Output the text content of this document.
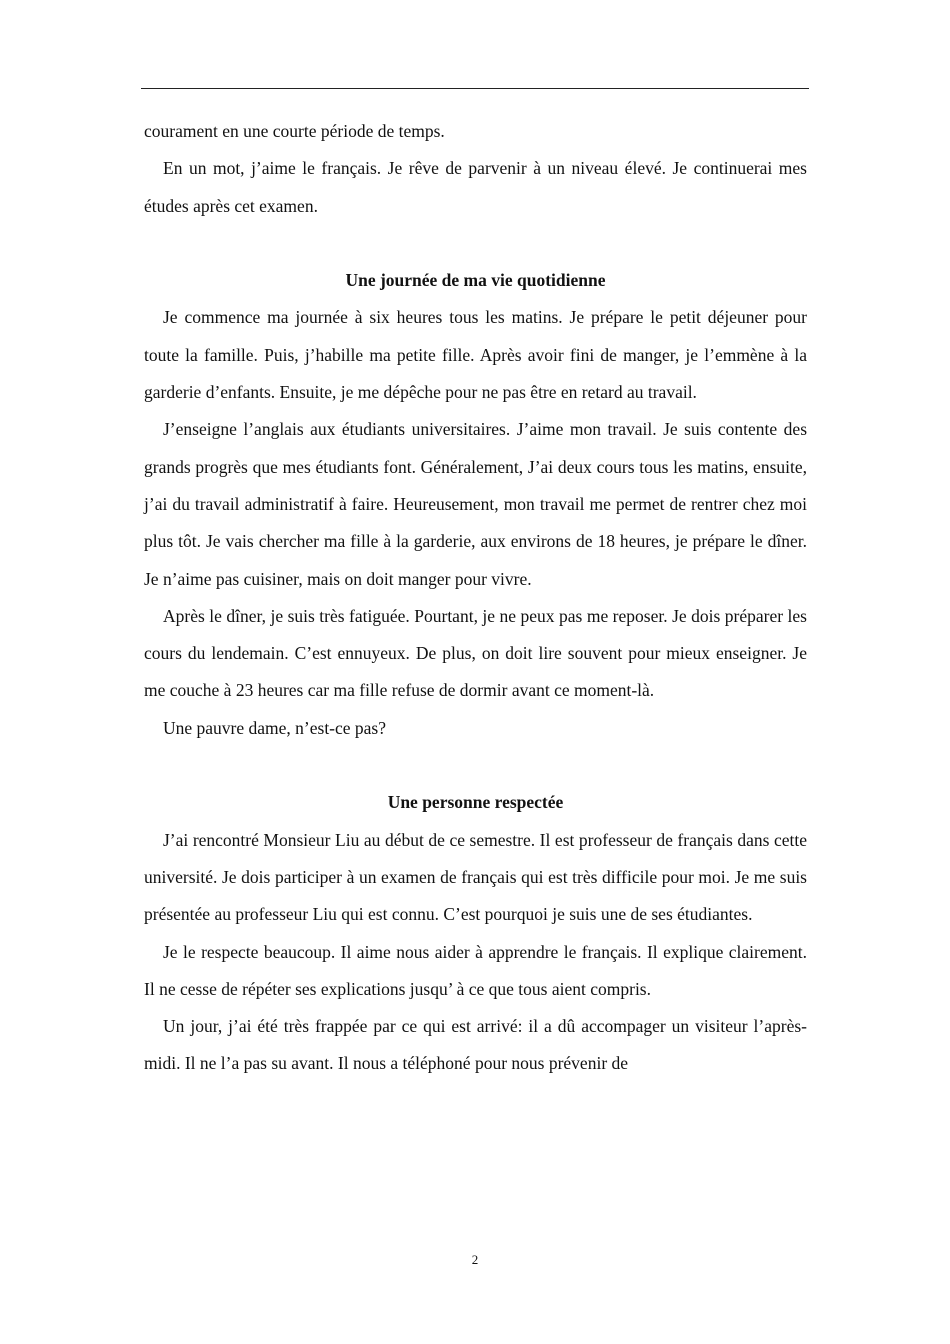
courament en une courte période de temps.

En un mot, j’aime le français. Je rêve de parvenir à un niveau élevé. Je continuerai mes études après cet examen.

Une journée de ma vie quotidienne

Je commence ma journée à six heures tous les matins. Je prépare le petit déjeuner pour toute la famille. Puis, j’habille ma petite fille. Après avoir fini de manger, je l’emmène à la garderie d’enfants. Ensuite, je me dépêche pour ne pas être en retard au travail.

J’enseigne l’anglais aux étudiants universitaires. J’aime mon travail. Je suis contente des grands progrès que mes étudiants font. Généralement, J’ai deux cours tous les matins, ensuite, j’ai du travail administratif à faire. Heureusement, mon travail me permet de rentrer chez moi plus tôt. Je vais chercher ma fille à la garderie, aux environs de 18 heures, je prépare le dîner. Je n’aime pas cuisiner, mais on doit manger pour vivre.

Après le dîner, je suis très fatiguée. Pourtant, je ne peux pas me reposer. Je dois préparer les cours du lendemain. C’est ennuyeux. De plus, on doit lire souvent pour mieux enseigner. Je me couche à 23 heures car ma fille refuse de dormir avant ce moment-là.

Une pauvre dame, n’est-ce pas?

Une personne respectée

J’ai rencontré Monsieur Liu au début de ce semestre. Il est professeur de français dans cette université. Je dois participer à un examen de français qui est très difficile pour moi. Je me suis présentée au professeur Liu qui est connu. C’est pourquoi je suis une de ses étudiantes.

Je le respecte beaucoup. Il aime nous aider à apprendre le français. Il explique clairement. Il ne cesse de répéter ses explications jusqu’ à ce que tous aient compris.

Un jour, j’ai été très frappée par ce qui est arrivé: il a dû accompager un visiteur l’après-midi. Il ne l’a pas su avant. Il nous a téléphoné pour nous prévenir de

2
